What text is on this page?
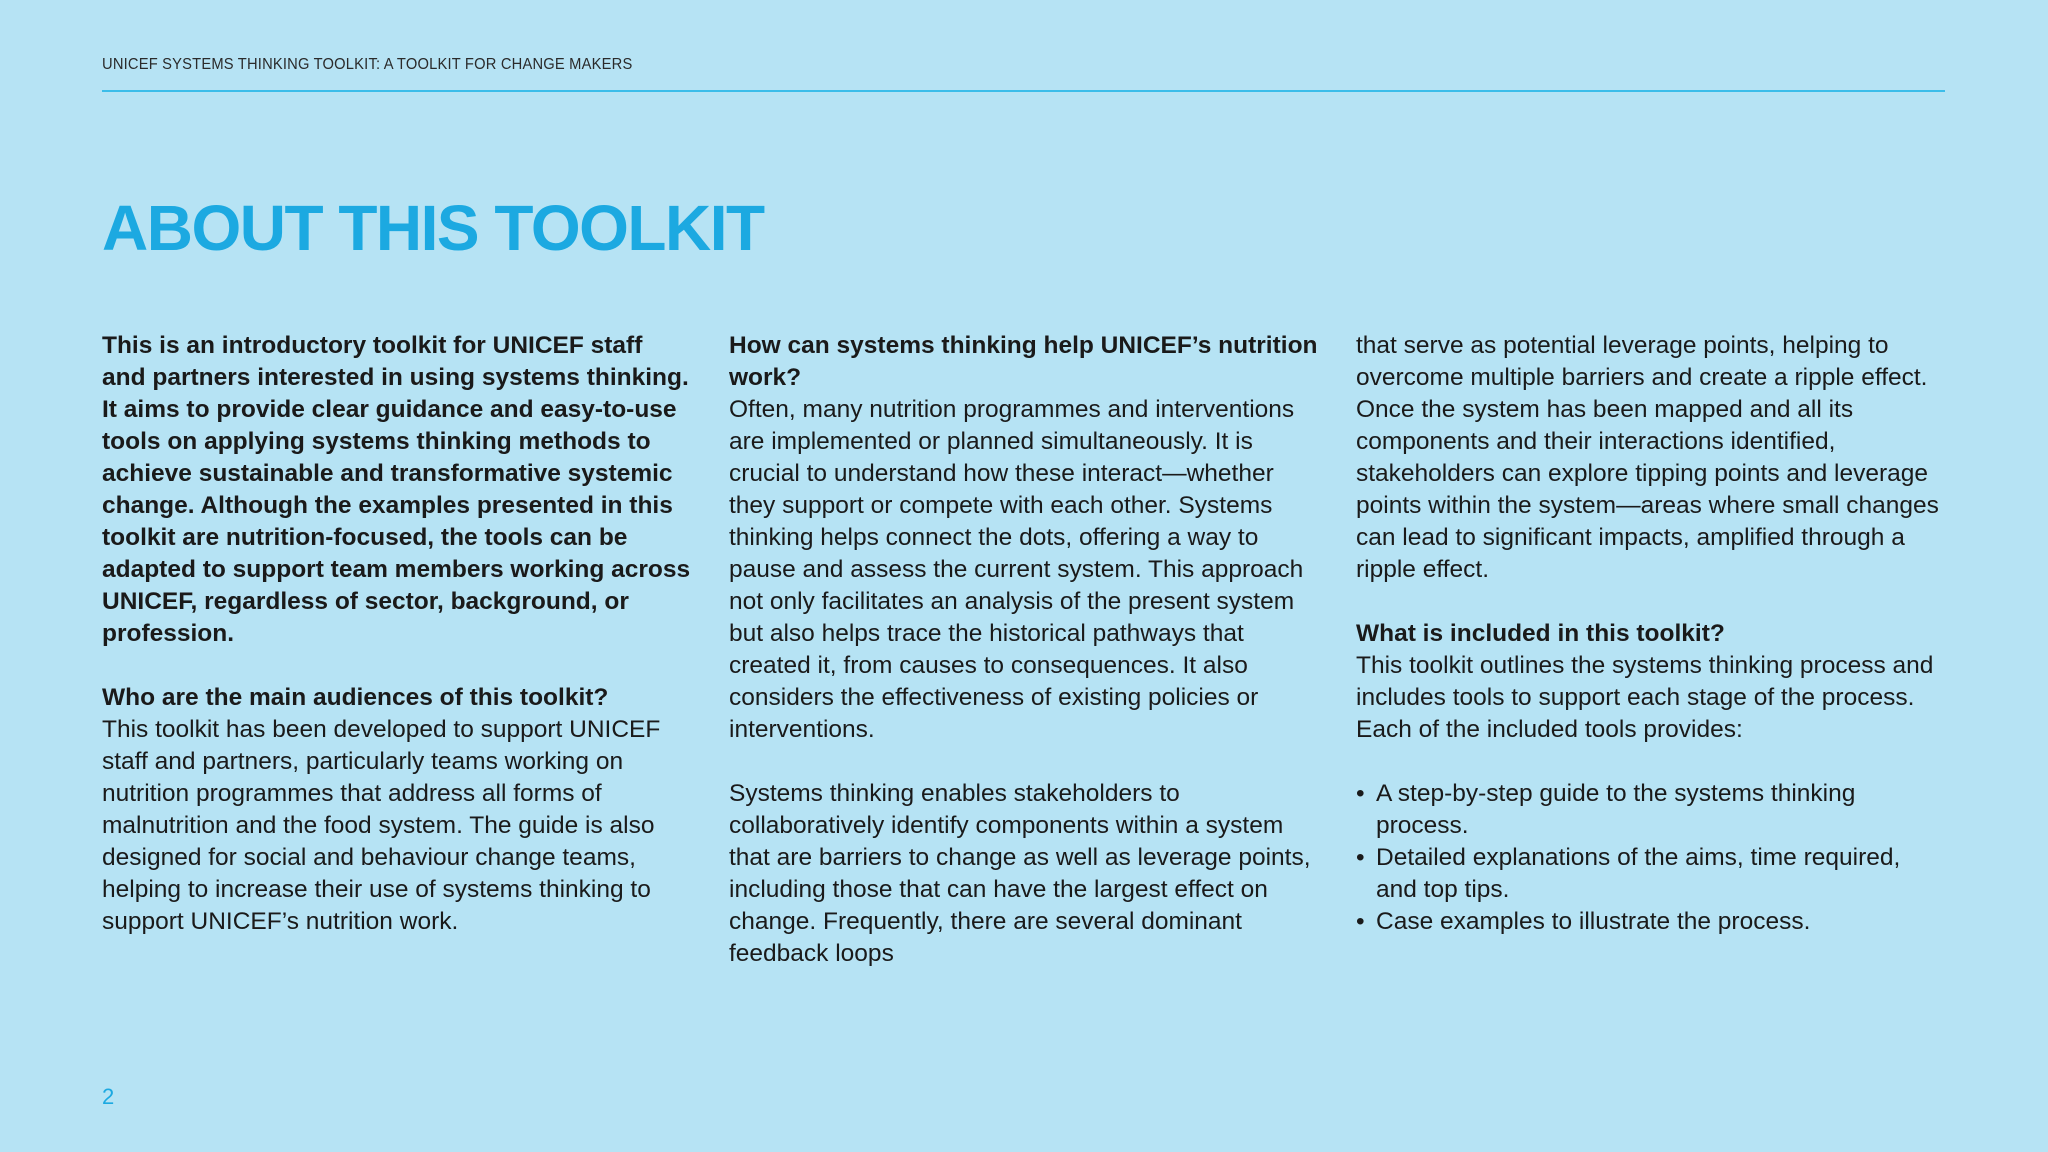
UNICEF SYSTEMS THINKING TOOLKIT: A TOOLKIT FOR CHANGE MAKERS
ABOUT THIS TOOLKIT

This is an introductory toolkit for UNICEF staff and partners interested in using systems thinking. It aims to provide clear guidance and easy-to-use tools on applying systems thinking methods to achieve sustainable and transformative systemic change. Although the examples presented in this toolkit are nutrition-focused, the tools can be adapted to support team members working across UNICEF, regardless of sector, background, or profession.

Who are the main audiences of this toolkit?
This toolkit has been developed to support UNICEF staff and partners, particularly teams working on nutrition programmes that address all forms of malnutrition and the food system. The guide is also designed for social and behaviour change teams, helping to increase their use of systems thinking to support UNICEF’s nutrition work.

How can systems thinking help UNICEF’s nutrition work?
Often, many nutrition programmes and interventions are implemented or planned simultaneously. It is crucial to understand how these interact—whether they support or compete with each other. Systems thinking helps connect the dots, offering a way to pause and assess the current system. This approach not only facilitates an analysis of the present system but also helps trace the historical pathways that created it, from causes to consequences. It also considers the effectiveness of existing policies or interventions.

Systems thinking enables stakeholders to collaboratively identify components within a system that are barriers to change as well as leverage points, including those that can have the largest effect on change. Frequently, there are several dominant feedback loops

that serve as potential leverage points, helping to overcome multiple barriers and create a ripple effect. Once the system has been mapped and all its components and their interactions identified, stakeholders can explore tipping points and leverage points within the system—areas where small changes can lead to significant impacts, amplified through a ripple effect.

What is included in this toolkit?
This toolkit outlines the systems thinking process and includes tools to support each stage of the process. Each of the included tools provides:

• A step-by-step guide to the systems thinking process.
• Detailed explanations of the aims, time required, and top tips.
• Case examples to illustrate the process.
2
